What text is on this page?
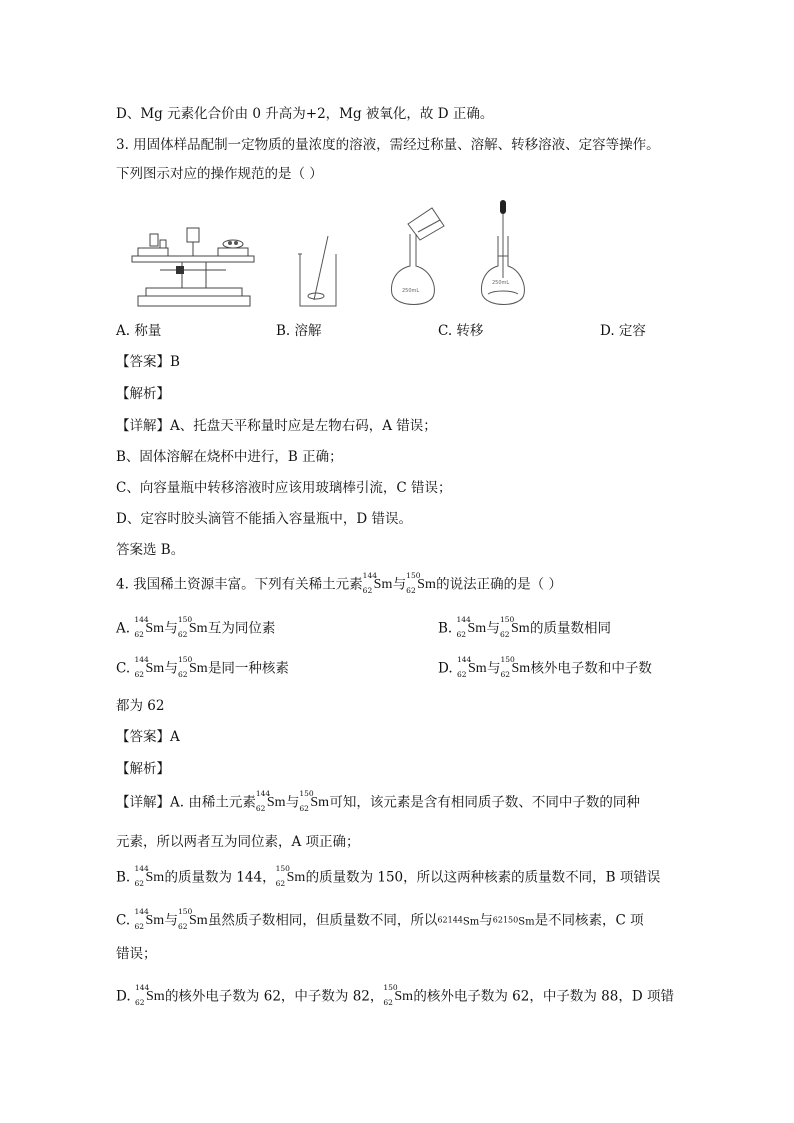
D、Mg 元素化合价由 0 升高为+2，Mg 被氧化，故 D 正确。
3. 用固体样品配制一定物质的量浓度的溶液，需经过称量、溶解、转移溶液、定容等操作。
下列图示对应的操作规范的是（ ）
250mL
250mL
A. 称量	B. 溶解	C. 转移	D. 定容
【答案】B
【解析】
【详解】A、托盘天平称量时应是左物右码，A 错误；
B、固体溶解在烧杯中进行，B 正确；
C、向容量瓶中转移溶液时应该用玻璃棒引流，C 错误；
D、定容时胶头滴管不能插入容量瓶中，D 错误。
答案选 B。
4. 我国稀土资源丰富。下列有关稀土元素
144
62 Sm 与
150
62 Sm 的说法正确的是（ ）
A.
144
62 Sm 与
150
62 Sm 互为同位素	B.
144
62 Sm 与
150
62 Sm 的质量数相同
C.
144
62 Sm 与
150
62 Sm 是同一种核素	D.
144
62 Sm 与
150
62 Sm 核外电子数和中子数
都为 62
【答案】A
【解析】
【详解】A. 由稀土元素
144
62 Sm 与
150
62 Sm 可知，该元素是含有相同质子数、不同中子数的同种
元素，所以两者互为同位素，A 项正确；
B.
144
62 Sm 的质量数为 144，
150
62 Sm 的质量数为 150，所以这两种核素的质量数不同，B 项错误
C.
144
62 Sm 与
150
62 Sm 虽然质子数相同，但质量数不同，所以62144Sm与62150Sm是不同核素，C 项
错误；
D.
144
62 Sm 的核外电子数为 62，中子数为 82，
150
62 Sm 的核外电子数为 62，中子数为 88，D 项错
